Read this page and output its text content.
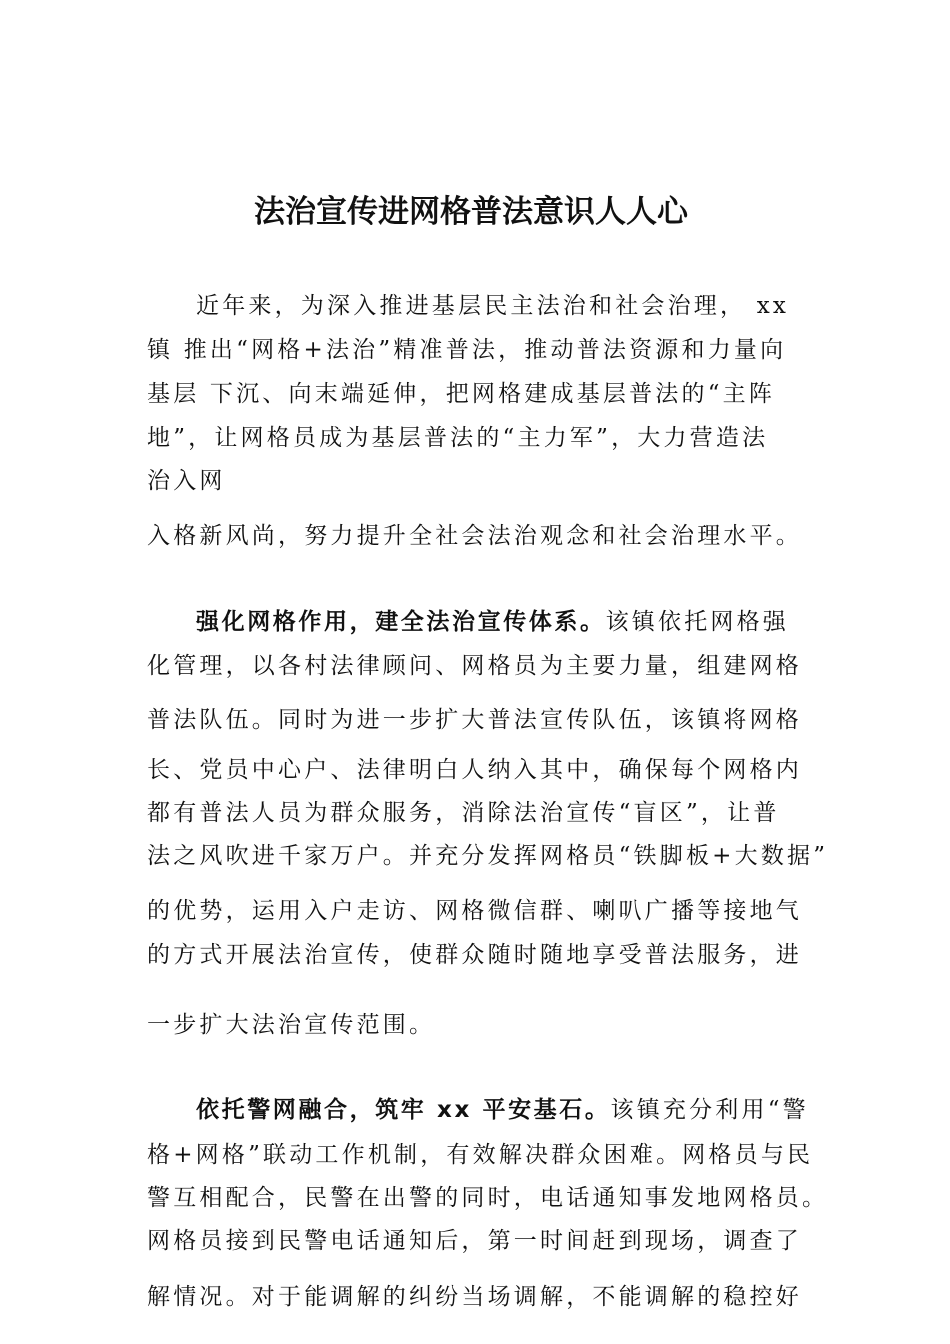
法治宣传进网格普法意识人人心
近年来，为深入推进基层民主法治和社会治理， xx
镇 推出“网格+法治”精准普法，推动普法资源和力量向
基层 下沉、向末端延伸，把网格建成基层普法的“主阵
地”，让网格员成为基层普法的“主力军”，大力营造法
治入网
入格新风尚，努力提升全社会法治观念和社会治理水平。
强化网格作用，建全法治宣传体系。该镇依托网格强
化管理，以各村法律顾问、网格员为主要力量，组建网格
普法队伍。同时为进一步扩大普法宣传队伍，该镇将网格
长、党员中心户、法律明白人纳入其中，确保每个网格内
都有普法人员为群众服务，消除法治宣传“盲区”，让普
法之风吹进千家万户。并充分发挥网格员“铁脚板+大数据”
的优势，运用入户走访、网格微信群、喇叭广播等接地气
的方式开展法治宣传，使群众随时随地享受普法服务，进
一步扩大法治宣传范围。
依托警网融合，筑牢 xx 平安基石。该镇充分利用“警
格+网格”联动工作机制，有效解决群众困难。网格员与民
警互相配合，民警在出警的同时，电话通知事发地网格员。
网格员接到民警电话通知后，第一时间赶到现场，调查了
解情况。对于能调解的纠纷当场调解，不能调解的稳控好
